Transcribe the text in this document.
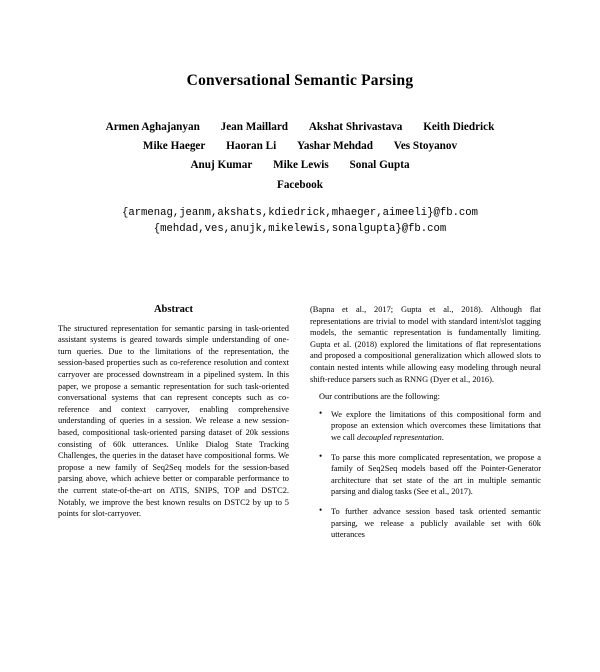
Conversational Semantic Parsing
Armen Aghajanyan Jean Maillard Akshat Shrivastava Keith Diedrick
Mike Haeger Haoran Li Yashar Mehdad Ves Stoyanov
Anuj Kumar Mike Lewis Sonal Gupta
Facebook
{armenag,jeanm,akshats,kdiedrick,mhaeger,aimeeli}@fb.com
{mehdad,ves,anujk,mikelewis,sonalgupta}@fb.com
Abstract

The structured representation for semantic parsing in task-oriented assistant systems is geared towards simple understanding of one-turn queries. Due to the limitations of the representation, the session-based properties such as co-reference resolution and context carryover are processed downstream in a pipelined system. In this paper, we propose a semantic representation for such task-oriented conversational systems that can represent concepts such as co-reference and context carryover, enabling comprehensive understanding of queries in a session. We release a new session-based, compositional task-oriented parsing dataset of 20k sessions consisting of 60k utterances. Unlike Dialog State Tracking Challenges, the queries in the dataset have compositional forms. We propose a new family of Seq2Seq models for the session-based parsing above, which achieve better or comparable performance to the current state-of-the-art on ATIS, SNIPS, TOP and DSTC2. Notably, we improve the best known results on DSTC2 by up to 5 points for slot-carryover.

(Bapna et al., 2017; Gupta et al., 2018). Although flat representations are trivial to model with standard intent/slot tagging models, the semantic representation is fundamentally limiting. Gupta et al. (2018) explored the limitations of flat representations and proposed a compositional generalization which allowed slots to contain nested intents while allowing easy modeling through neural shift-reduce parsers such as RNNG (Dyer et al., 2016).

Our contributions are the following:

• We explore the limitations of this compositional form and propose an extension which overcomes these limitations that we call decoupled representation.
• To parse this more complicated representation, we propose a family of Seq2Seq models based off the Pointer-Generator architecture that set state of the art in multiple semantic parsing and dialog tasks (See et al., 2017).
• To further advance session based task oriented semantic parsing, we release a publicly available set with 60k utterances
